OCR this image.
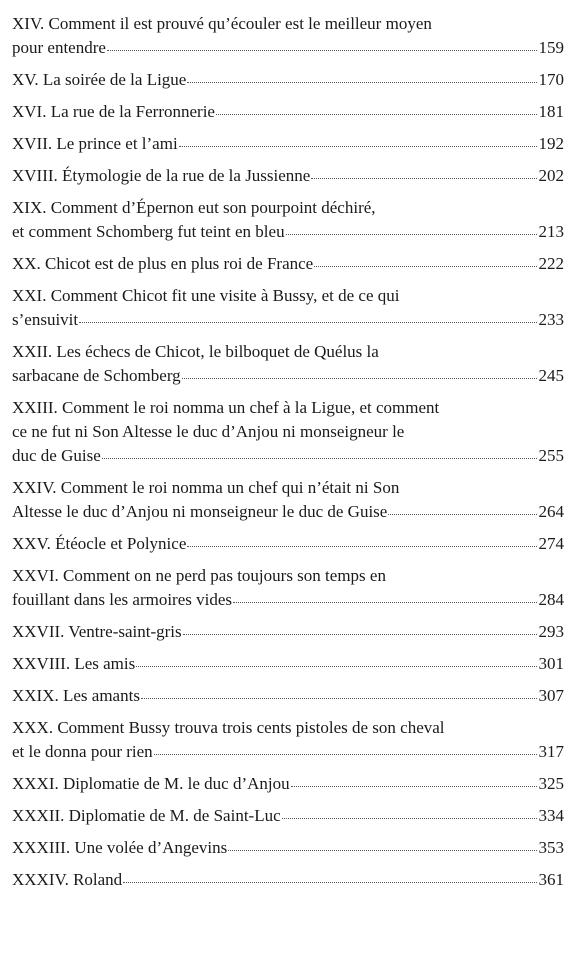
XIV. Comment il est prouvé qu’écouler est le meilleur moyen
pour entendre	159
XV. La soirée de la Ligue	170
XVI. La rue de la Ferronnerie	181
XVII. Le prince et l’ami	192
XVIII. Étymologie de la rue de la Jussienne	202
XIX. Comment d’Épernon eut son pourpoint déchiré,
et comment Schomberg fut teint en bleu	213
XX. Chicot est de plus en plus roi de France	222
XXI. Comment Chicot fit une visite à Bussy, et de ce qui
s’ensuivit	233
XXII. Les échecs de Chicot, le bilboquet de Quélus la
sarbacane de Schomberg	245
XXIII. Comment le roi nomma un chef à la Ligue, et comment
ce ne fut ni Son Altesse le duc d’Anjou ni monseigneur le
duc de Guise	255
XXIV. Comment le roi nomma un chef qui n’était ni Son
Altesse le duc d’Anjou ni monseigneur le duc de Guise	264
XXV. Étéocle et Polynice	274
XXVI. Comment on ne perd pas toujours son temps en
fouillant dans les armoires vides	284
XXVII. Ventre-saint-gris	293
XXVIII. Les amis	301
XXIX. Les amants	307
XXX. Comment Bussy trouva trois cents pistoles de son cheval
et le donna pour rien	317
XXXI. Diplomatie de M. le duc d’Anjou	325
XXXII. Diplomatie de M. de Saint-Luc	334
XXXIII. Une volée d’Angevins	353
XXXIV. Roland	361
